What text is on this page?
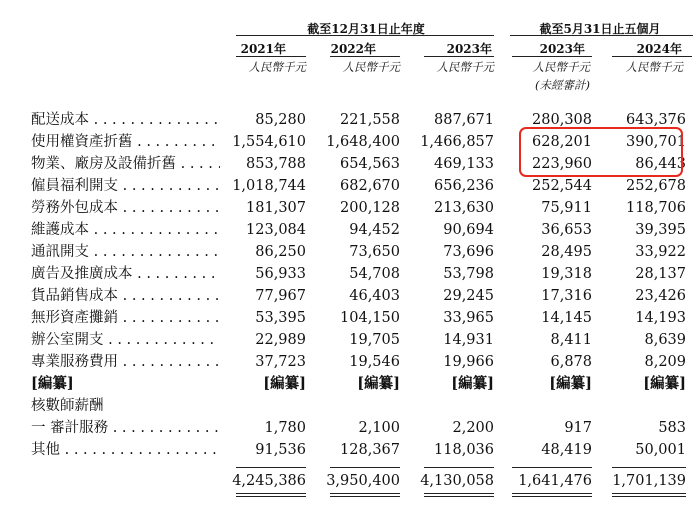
截至12月31日止年度	截至5月31日止五個月
2021年	2022年	2023年	2023年	2024年
人民幣千元	人民幣千元	人民幣千元	人民幣千元	人民幣千元
(未經審計)
配送成本 . . .	85,280	221,558	887,671	280,308	643,376
使用權資產折舊 . . .	1,554,610	1,648,400	1,466,857	628,201	390,701
物業、廠房及設備折舊 . . .	853,788	654,563	469,133	223,960	86,443
僱員福利開支 . . .	1,018,744	682,670	656,236	252,544	252,678
勞務外包成本 . . .	181,307	200,128	213,630	75,911	118,706
維護成本 . . .	123,084	94,452	90,694	36,653	39,395
通訊開支 . . .	86,250	73,650	73,696	28,495	33,922
廣告及推廣成本 . . .	56,933	54,708	53,798	19,318	28,137
貨品銷售成本 . . .	77,967	46,403	29,245	17,316	23,426
無形資產攤銷 . . .	53,395	104,150	33,965	14,145	14,193
辦公室開支 . . .	22,989	19,705	14,931	8,411	8,639
專業服務費用 . . .	37,723	19,546	19,966	6,878	8,209
[編纂]	[編纂]	[編纂]	[編纂]	[編纂]	[編纂]
核數師薪酬
一 審計服務 . . .	1,780	2,100	2,200	917	583
其他 . . .	91,536	128,367	118,036	48,419	50,001
4,245,386	3,950,400	4,130,058	1,641,476	1,701,139
